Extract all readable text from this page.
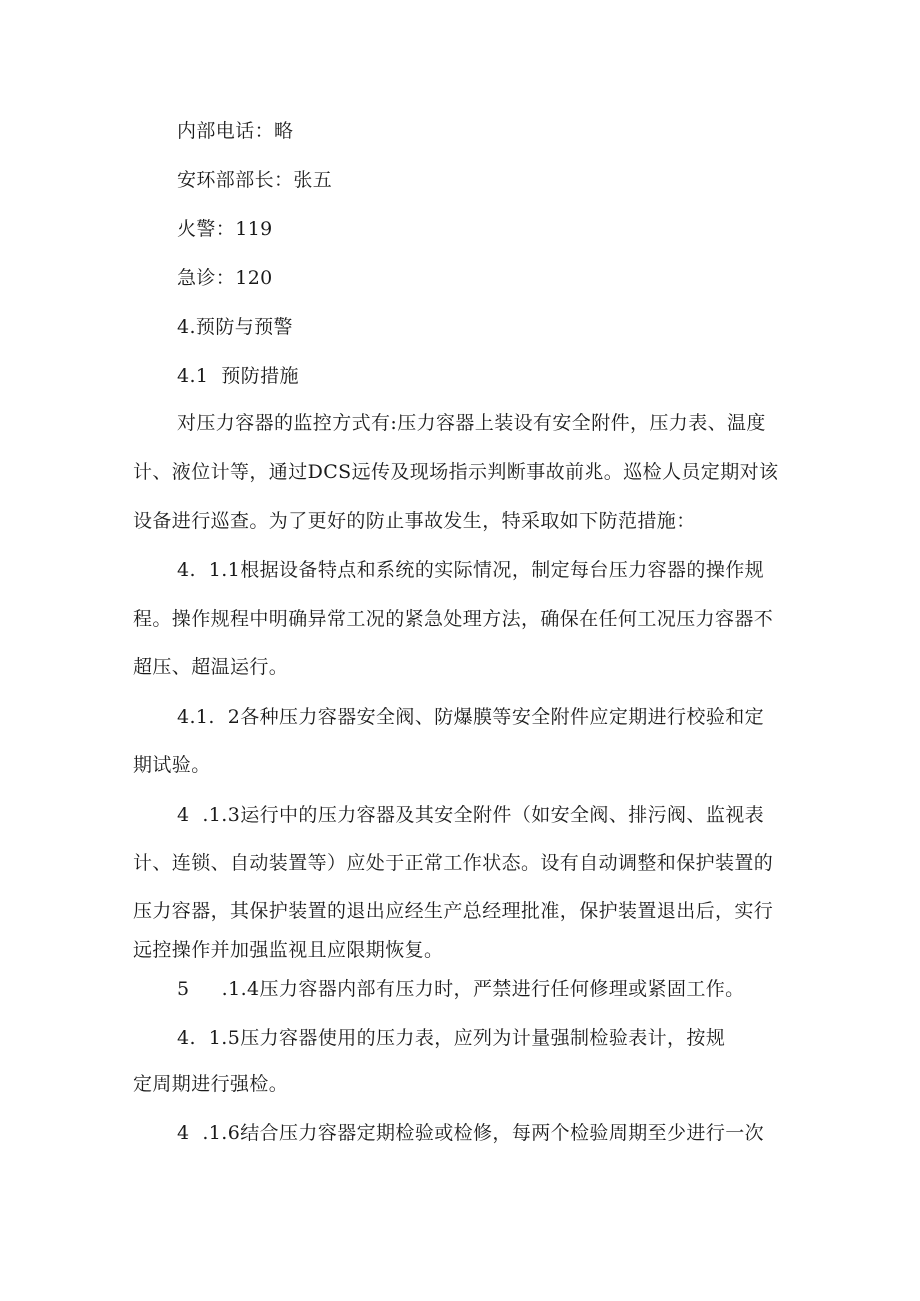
内部电话：略
安环部部长：张五
火警：119
急诊：120
4.预防与预警
4.1  预防措施
对压力容器的监控方式有:压力容器上装设有安全附件，压力表、温度
计、液位计等，通过DCS远传及现场指示判断事故前兆。巡检人员定期对该
设备进行巡查。为了更好的防止事故发生，特采取如下防范措施：
4.  1.1根据设备特点和系统的实际情况，制定每台压力容器的操作规
程。操作规程中明确异常工况的紧急处理方法，确保在任何工况压力容器不
超压、超温运行。
4.1.  2各种压力容器安全阀、防爆膜等安全附件应定期进行校验和定
期试验。
4  .1.3运行中的压力容器及其安全附件（如安全阀、排污阀、监视表
计、连锁、自动装置等）应处于正常工作状态。设有自动调整和保护装置的
压力容器，其保护装置的退出应经生产总经理批准，保护装置退出后，实行
远控操作并加强监视且应限期恢复。
5     .1.4压力容器内部有压力时，严禁进行任何修理或紧固工作。
4.  1.5压力容器使用的压力表，应列为计量强制检验表计，按规
定周期进行强检。
4  .1.6结合压力容器定期检验或检修，每两个检验周期至少进行一次
